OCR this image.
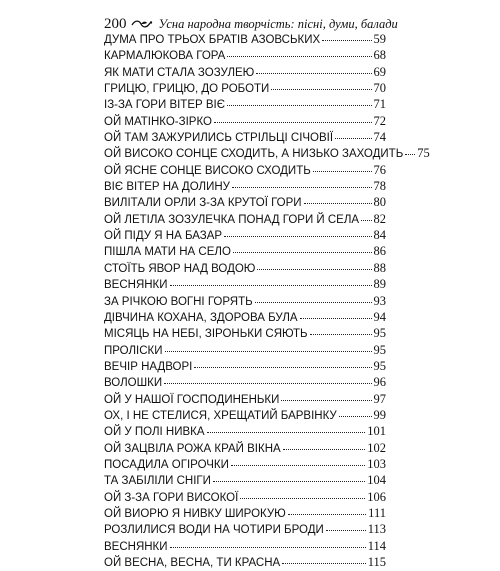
200	Усна народна творчість: пісні, думи, балади
ДУМА ПРО ТРЬОХ БРАТІВ АЗОВСЬКИХ	59
КАРМАЛЮКОВА ГОРА	68
ЯК МАТИ СТАЛА ЗОЗУЛЕЮ	69
ГРИЦЮ, ГРИЦЮ, ДО РОБОТИ	70
ІЗ-ЗА ГОРИ ВІТЕР ВІЄ	71
ОЙ МАТІНКО-ЗІРКО	72
ОЙ ТАМ ЗАЖУРИЛИСЬ СТРІЛЬЦІ СІЧОВІЇ	74
ОЙ ВИСОКО СОНЦЕ СХОДИТЬ, А НИЗЬКО ЗАХОДИТЬ 75
ОЙ ЯСНЕ СОНЦЕ ВИСОКО СХОДИТЬ	76
ВІЄ ВІТЕР НА ДОЛИНУ	78
ВИЛІТАЛИ ОРЛИ З-ЗА КРУТОЇ ГОРИ	80
ОЙ ЛЕТІЛА ЗОЗУЛЕЧКА ПОНАД ГОРИ Й СЕЛА 82
ОЙ ПІДУ Я НА БАЗАР	84
ПІШЛА МАТИ НА СЕЛО	86
СТОЇТЬ ЯВОР НАД ВОДОЮ	88
ВЕСНЯНКИ	89
ЗА РІЧКОЮ ВОГНІ ГОРЯТЬ	93
ДІВЧИНА КОХАНА, ЗДОРОВА БУЛА	94
МІСЯЦЬ НА НЕБІ, ЗІРОНЬКИ СЯЮТЬ	95
ПРОЛІСКИ	95
ВЕЧІР НАДВОРІ	95
ВОЛОШКИ	96
ОЙ У НАШОЇ ГОСПОДИНЕНЬКИ	97
ОХ, І НЕ СТЕЛИСЯ, ХРЕЩАТИЙ БАРВІНКУ	99
ОЙ У ПОЛІ НИВКА	101
ОЙ ЗАЦВІЛА РОЖА КРАЙ ВІКНА	102
ПОСАДИЛА ОГІРОЧКИ	103
ТА ЗАБІЛІЛИ СНІГИ	104
ОЙ З-ЗА ГОРИ ВИСОКОЇ	106
ОЙ ВИОРЮ Я НИВКУ ШИРОКУЮ	111
РОЗЛИЛИСЯ ВОДИ НА ЧОТИРИ БРОДИ	113
ВЕСНЯНКИ	114
ОЙ ВЕСНА, ВЕСНА, ТИ КРАСНА	115
